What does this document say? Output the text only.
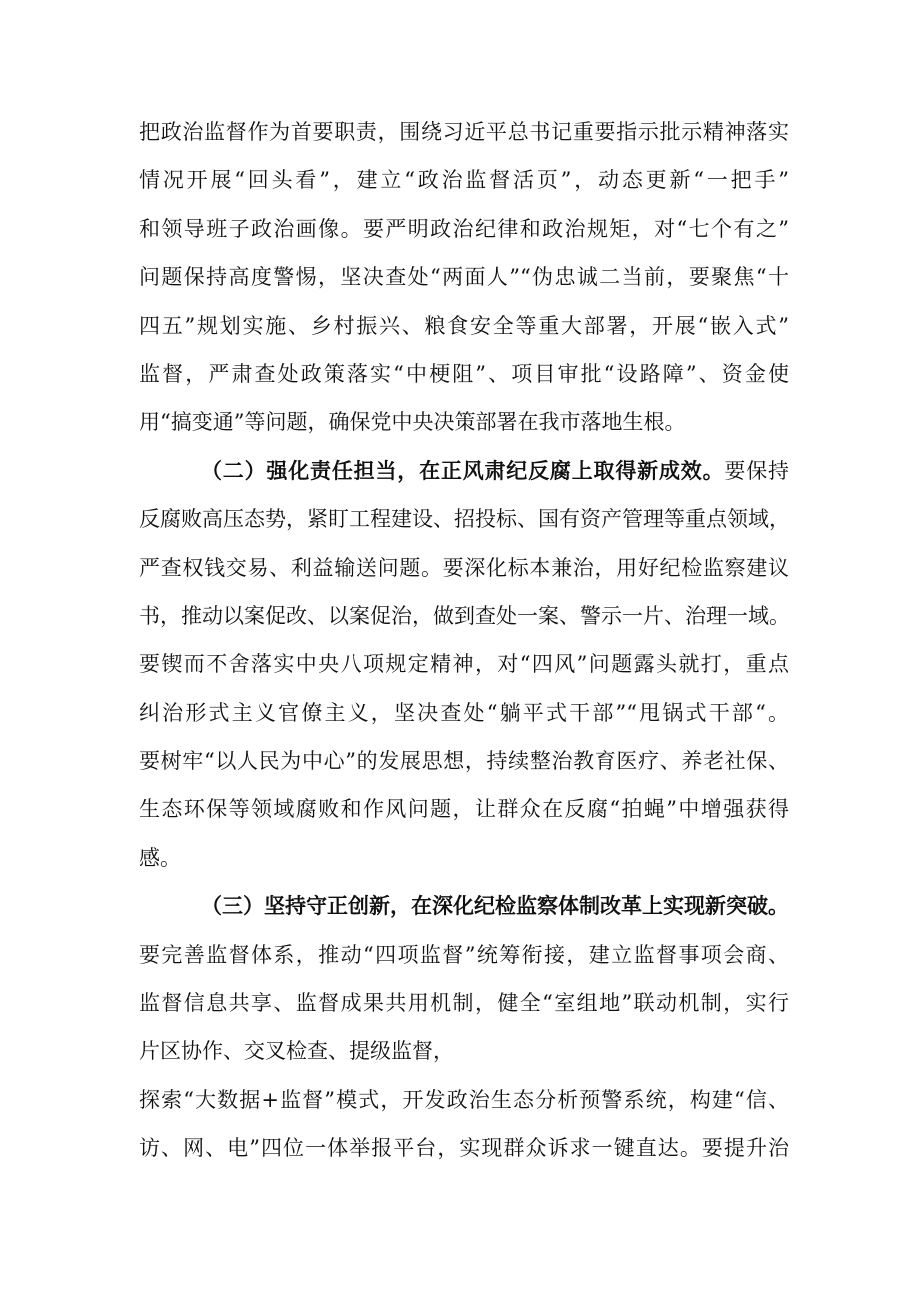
把政治监督作为首要职责，围绕习近平总书记重要指示批示精神落实
情况开展“回头看”，建立“政治监督活页”，动态更新“一把手”
和领导班子政治画像。要严明政治纪律和政治规矩，对“七个有之”
问题保持高度警惕，坚决查处“两面人”“伪忠诚二当前，要聚焦“十
四五”规划实施、乡村振兴、粮食安全等重大部署，开展“嵌入式”
监督，严肃查处政策落实“中梗阻”、项目审批“设路障”、资金使
用“搞变通”等问题，确保党中央决策部署在我市落地生根。
（二）强化责任担当，在正风肃纪反腐上取得新成效。要保持
反腐败高压态势，紧盯工程建设、招投标、国有资产管理等重点领域，
严查权钱交易、利益输送问题。要深化标本兼治，用好纪检监察建议
书，推动以案促改、以案促治，做到查处一案、警示一片、治理一域。
要锲而不舍落实中央八项规定精神，对“四风”问题露头就打，重点
纠治形式主义官僚主义，坚决查处“躺平式干部”“甩锅式干部“。
要树牢“以人民为中心”的发展思想，持续整治教育医疗、养老社保、
生态环保等领域腐败和作风问题，让群众在反腐“拍蝇”中增强获得
感。
（三）坚持守正创新，在深化纪检监察体制改革上实现新突破。
要完善监督体系，推动“四项监督”统筹衔接，建立监督事项会商、
监督信息共享、监督成果共用机制，健全“室组地”联动机制，实行
片区协作、交叉检查、提级监督，
探索“大数据+监督”模式，开发政治生态分析预警系统，构建“信、
访、网、电”四位一体举报平台，实现群众诉求一键直达。要提升治
